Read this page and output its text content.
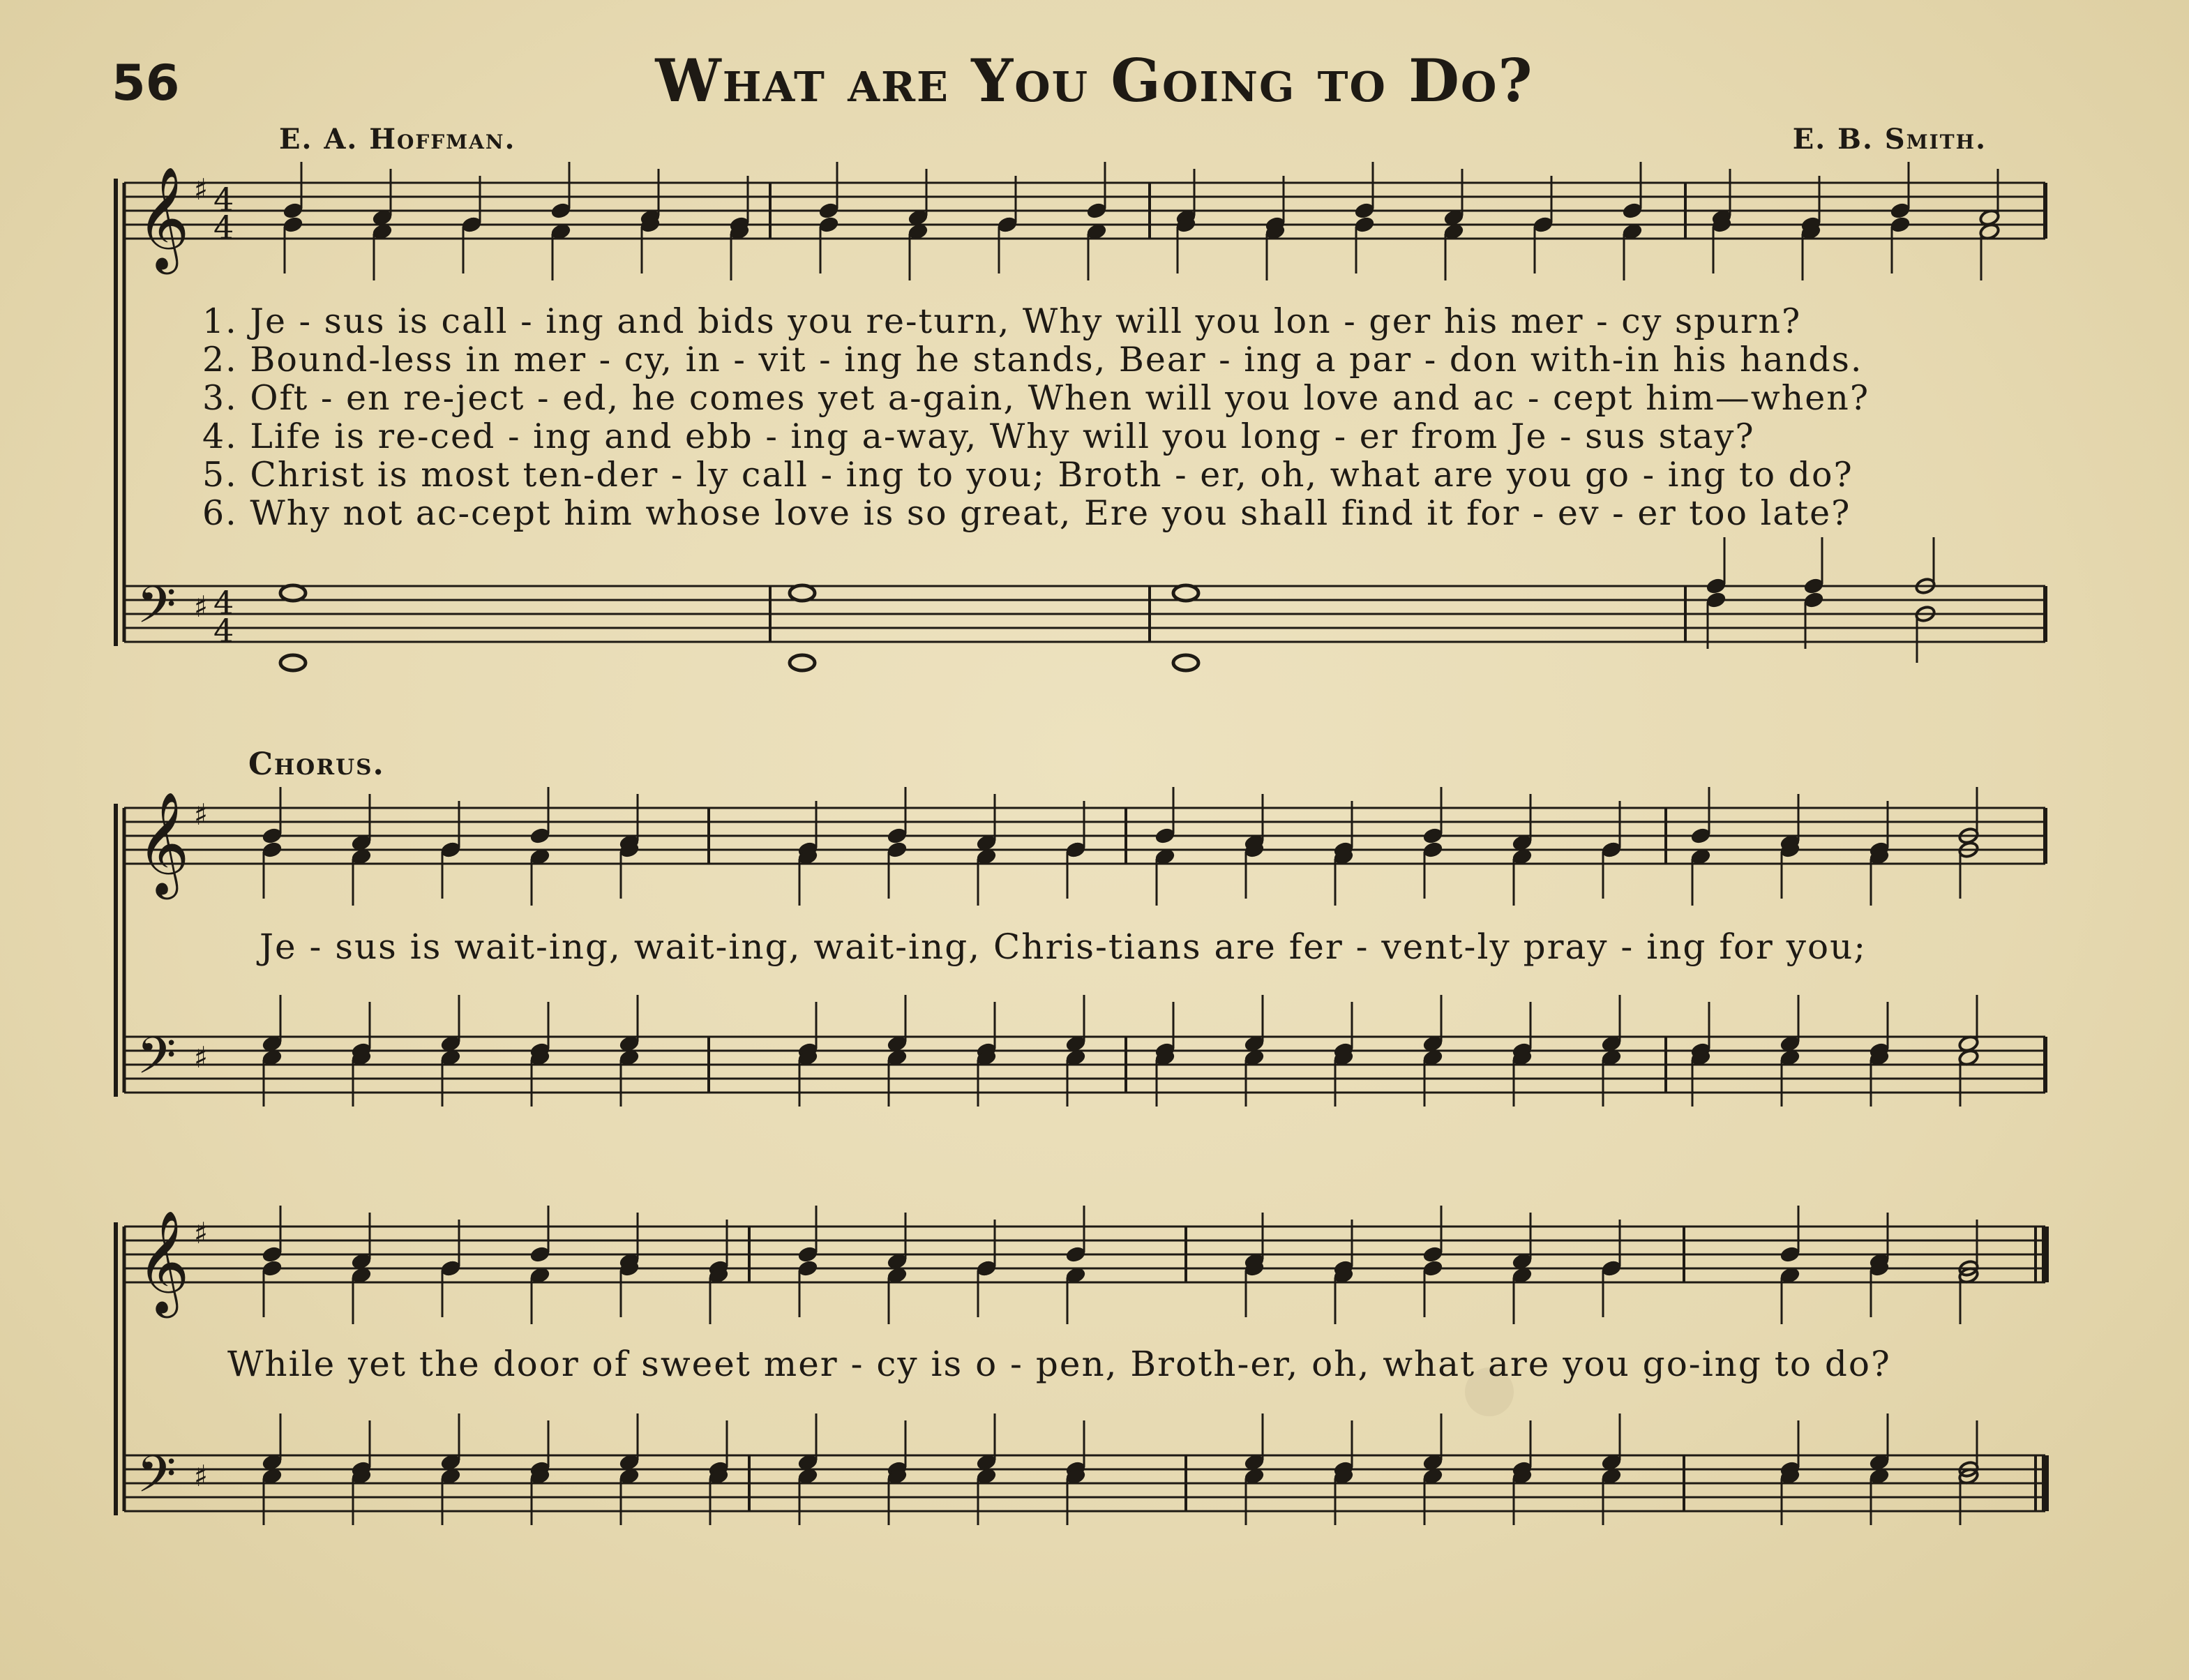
56	What are You Going to Do?
E. A. Hoffman.	E. B. Smith.
𝄞
𝄢
♯
♯
4
4
4
4
𝄞
𝄢
♯
♯
𝄞
𝄢
♯
♯
1. Je - sus is call - ing and bids you re-turn, Why will you lon - ger his mer - cy spurn?
2. Bound-less in mer - cy, in - vit - ing he stands, Bear - ing a par - don with-in his hands.
3. Oft - en re-ject - ed, he comes yet a-gain, When will you love and ac - cept him—when?
4. Life is re-ced - ing and ebb - ing a-way, Why will you long - er from Je - sus stay?
5. Christ is most ten-der - ly call - ing to you; Broth - er, oh, what are you go - ing to do?
6. Why not ac-cept him whose love is so great, Ere you shall find it for - ev - er too late?
Chorus.
Je - sus is wait-ing, wait-ing, wait-ing, Chris-tians are fer - vent-ly pray - ing for you;
While yet the door of sweet mer - cy is o - pen, Broth-er, oh, what are you go-ing to do?
